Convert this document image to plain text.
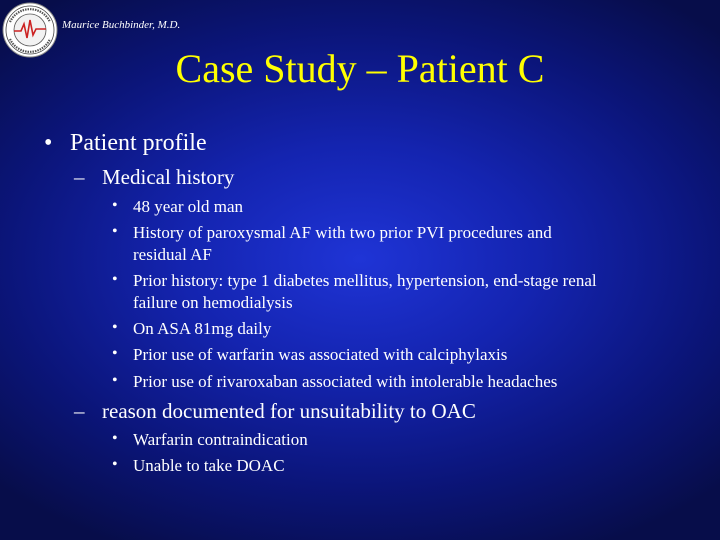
Maurice Buchbinder, M.D.
Case Study – Patient C
• Patient profile
– Medical history
• 48 year old man
• History of paroxysmal AF with two prior PVI procedures and
residual AF
• Prior history: type 1 diabetes mellitus, hypertension, end-stage renal
failure on hemodialysis
• On ASA 81mg daily
• Prior use of warfarin was associated with calciphylaxis
• Prior use of rivaroxaban associated with intolerable headaches
– reason documented for unsuitability to OAC
• Warfarin contraindication
• Unable to take DOAC
